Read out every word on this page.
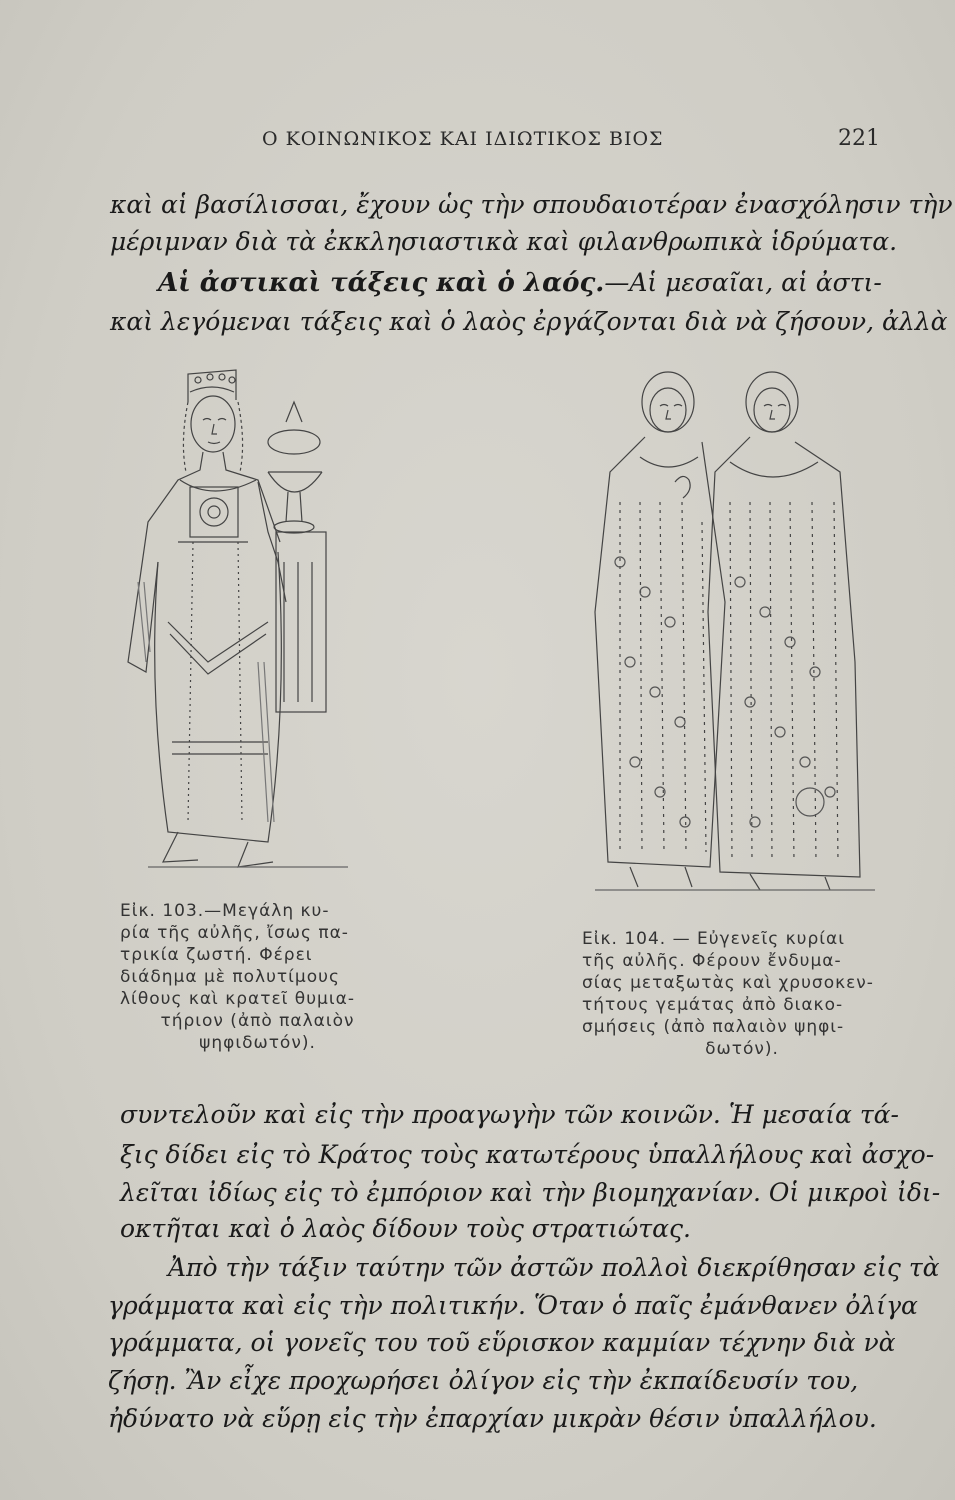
Ο ΚΟΙΝΩΝΙΚΟΣ ΚΑΙ ΙΔΙΩΤΙΚΟΣ ΒΙΟΣ	221
καὶ αἱ βασίλισσαι, ἔχουν ὡς τὴν σπουδαιοτέραν ἐνασχόλησιν τὴν
μέριμναν διὰ τὰ ἐκκλησιαστικὰ καὶ φιλανθρωπικὰ ἱδρύματα.
Αἱ ἀστικαὶ τάξεις καὶ ὁ λαός.—Αἱ μεσαῖαι, αἱ ἀστι-
καὶ λεγόμεναι τάξεις καὶ ὁ λαὸς ἐργάζονται διὰ νὰ ζήσουν, ἀλλὰ
Εἰκ. 103.—Μεγάλη κυ-
ρία τῆς αὐλῆς, ἴσως πα-
τρικία ζωστή. Φέρει
διάδημα μὲ πολυτίμους
λίθους καὶ κρατεῖ θυμια-
τήριον (ἀπὸ παλαιὸν
ψηφιδωτόν).
Εἰκ. 104. — Εὐγενεῖς κυρίαι
τῆς αὐλῆς. Φέρουν ἔνδυμα-
σίας μεταξωτὰς καὶ χρυσοκεν-
τήτους γεμάτας ἀπὸ διακο-
σμήσεις (ἀπὸ παλαιὸν ψηφι-
δωτόν).
συντελοῦν καὶ εἰς τὴν προαγωγὴν τῶν κοινῶν. Ἡ μεσαία τά-
ξις δίδει εἰς τὸ Κράτος τοὺς κατωτέρους ὑπαλλήλους καὶ ἀσχο-
λεῖται ἰδίως εἰς τὸ ἐμπόριον καὶ τὴν βιομηχανίαν. Οἱ μικροὶ ἰδι-
οκτῆται καὶ ὁ λαὸς δίδουν τοὺς στρατιώτας.
Ἀπὸ τὴν τάξιν ταύτην τῶν ἀστῶν πολλοὶ διεκρίθησαν εἰς τὰ
γράμματα καὶ εἰς τὴν πολιτικήν. Ὅταν ὁ παῖς ἐμάνθανεν ὀλίγα
γράμματα, οἱ γονεῖς του τοῦ εὕρισκον καμμίαν τέχνην διὰ νὰ
ζήσῃ. Ἂν εἶχε προχωρήσει ὀλίγον εἰς τὴν ἐκπαίδευσίν του,
ἠδύνατο νὰ εὕρῃ εἰς τὴν ἐπαρχίαν μικρὰν θέσιν ὑπαλλήλου.
